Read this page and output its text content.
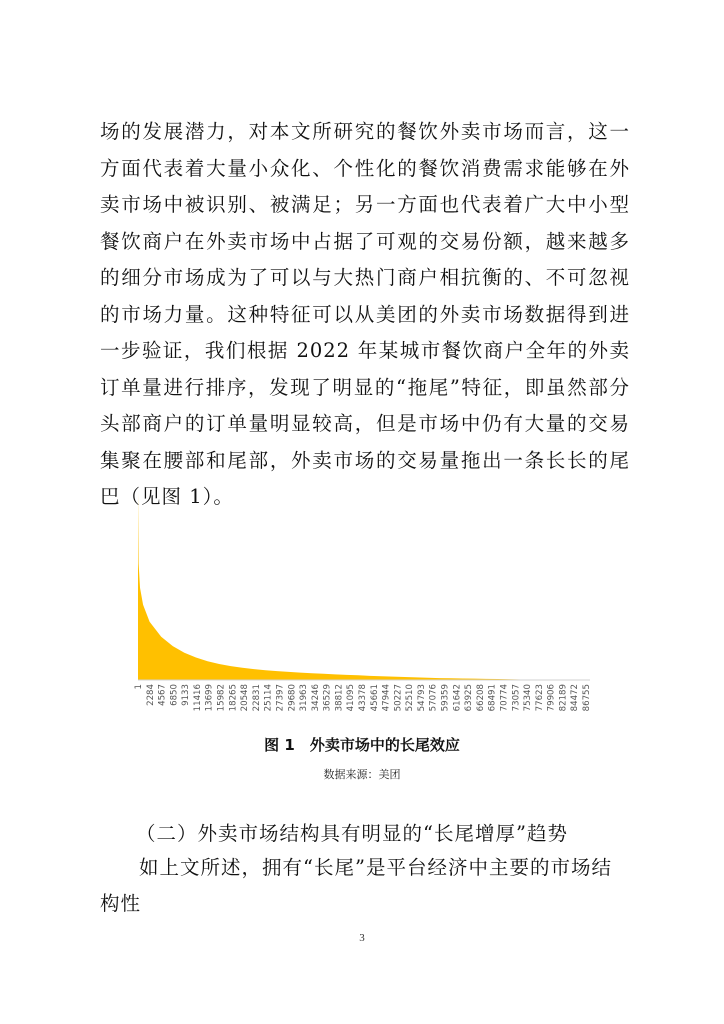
场的发展潜力，对本文所研究的餐饮外卖市场而言，这一方面代表着大量小众化、个性化的餐饮消费需求能够在外卖市场中被识别、被满足；另一方面也代表着广大中小型餐饮商户在外卖市场中占据了可观的交易份额，越来越多的细分市场成为了可以与大热门商户相抗衡的、不可忽视的市场力量。这种特征可以从美团的外卖市场数据得到进一步验证，我们根据 2022 年某城市餐饮商户全年的外卖订单量进行排序，发现了明显的“拖尾”特征，即虽然部分头部商户的订单量明显较高，但是市场中仍有大量的交易集聚在腰部和尾部，外卖市场的交易量拖出一条长长的尾巴（见图 1）。

1 2284 4567 6850 9133 11416 13699 15982 18265 20548 22831 25114 27397 29680 31963 34246 36529 38812 41095 43378 45661 47944 50227 52510 54793 57076 59359 61642 63925 66208 68491 70774 73057 75340 77623 79906 82189 84472 86755
图 1　外卖市场中的长尾效应
数据来源：美团
（二）外卖市场结构具有明显的“长尾增厚”趋势

如上文所述，拥有“长尾”是平台经济中主要的市场结构性

3
